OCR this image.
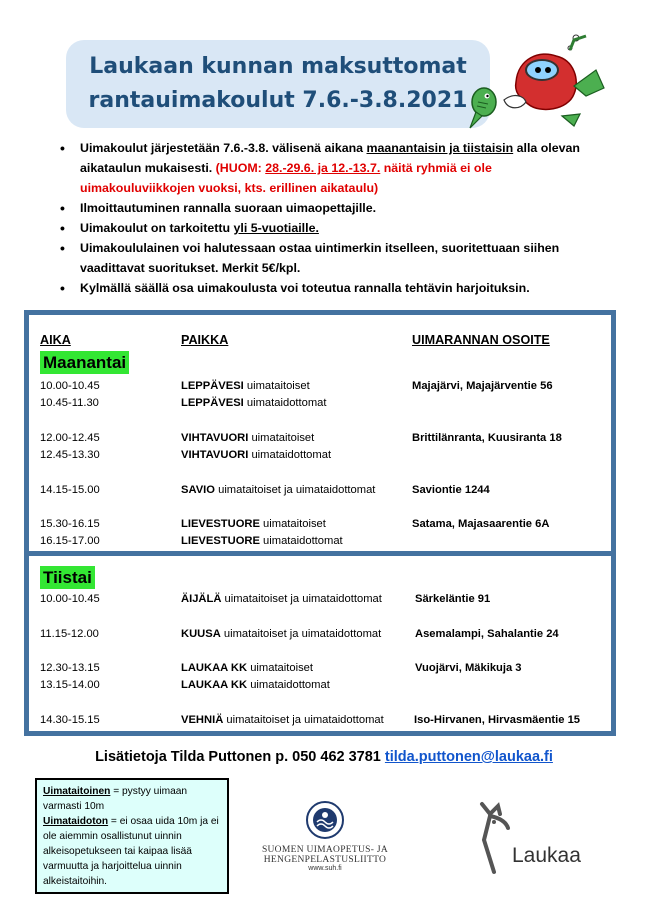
Laukaan kunnan maksuttomat
rantauimakoulut 7.6.-3.8.2021
• Uimakoulut järjestetään 7.6.-3.8. välisenä aikana maanantaisin ja tiistaisin alla olevan aikataulun mukaisesti. (HUOM: 28.-29.6. ja 12.-13.7. näitä ryhmiä ei ole uimakouluviikkojen vuoksi, kts. erillinen aikataulu)
• Ilmoittautuminen rannalla suoraan uimaopettajille.
• Uimakoulut on tarkoitettu yli 5-vuotiaille.
• Uimakoululainen voi halutessaan ostaa uintimerkin itselleen, suoritettuaan siihen vaadittavat suoritukset. Merkit 5€/kpl.
• Kylmällä säällä osa uimakoulusta voi toteutua rannalla tehtävin harjoituksin.
AIKA	PAIKKA	UIMARANNAN OSOITE
Maanantai
10.00-10.45	LEPPÄVESI uimataitoiset	Majajärvi, Majajärventie 56
10.45-11.30	LEPPÄVESI uimataidottomat
12.00-12.45	VIHTAVUORI uimataitoiset	Brittilänranta, Kuusiranta 18
12.45-13.30	VIHTAVUORI uimataidottomat
14.15-15.00	SAVIO uimataitoiset ja uimataidottomat	Saviontie 1244
15.30-16.15	LIEVESTUORE uimataitoiset	Satama, Majasaarentie 6A
16.15-17.00	LIEVESTUORE uimataidottomat
Tiistai
10.00-10.45	ÄIJÄLÄ uimataitoiset ja uimataidottomat	Särkeläntie 91
11.15-12.00	KUUSA uimataitoiset ja uimataidottomat	Asemalampi, Sahalantie 24
12.30-13.15	LAUKAA KK uimataitoiset	Vuojärvi, Mäkikuja 3
13.15-14.00	LAUKAA KK uimataidottomat
14.30-15.15	VEHNIÄ uimataitoiset ja uimataidottomat	Iso-Hirvanen, Hirvasmäentie 15
Lisätietoja Tilda Puttonen p. 050 462 3781 tilda.puttonen@laukaa.fi
Uimataitoinen = pystyy uimaan varmasti 10m
Uimataidoton = ei osaa uida 10m ja ei ole aiemmin osallistunut uinnin alkeisopetukseen tai kaipaa lisää varmuutta ja harjoittelua uinnin alkeistaitoihin.
SUOMEN UIMAOPETUS- JA
HENGENPELASTUSLIITTO
www.suh.fi
Laukaa
